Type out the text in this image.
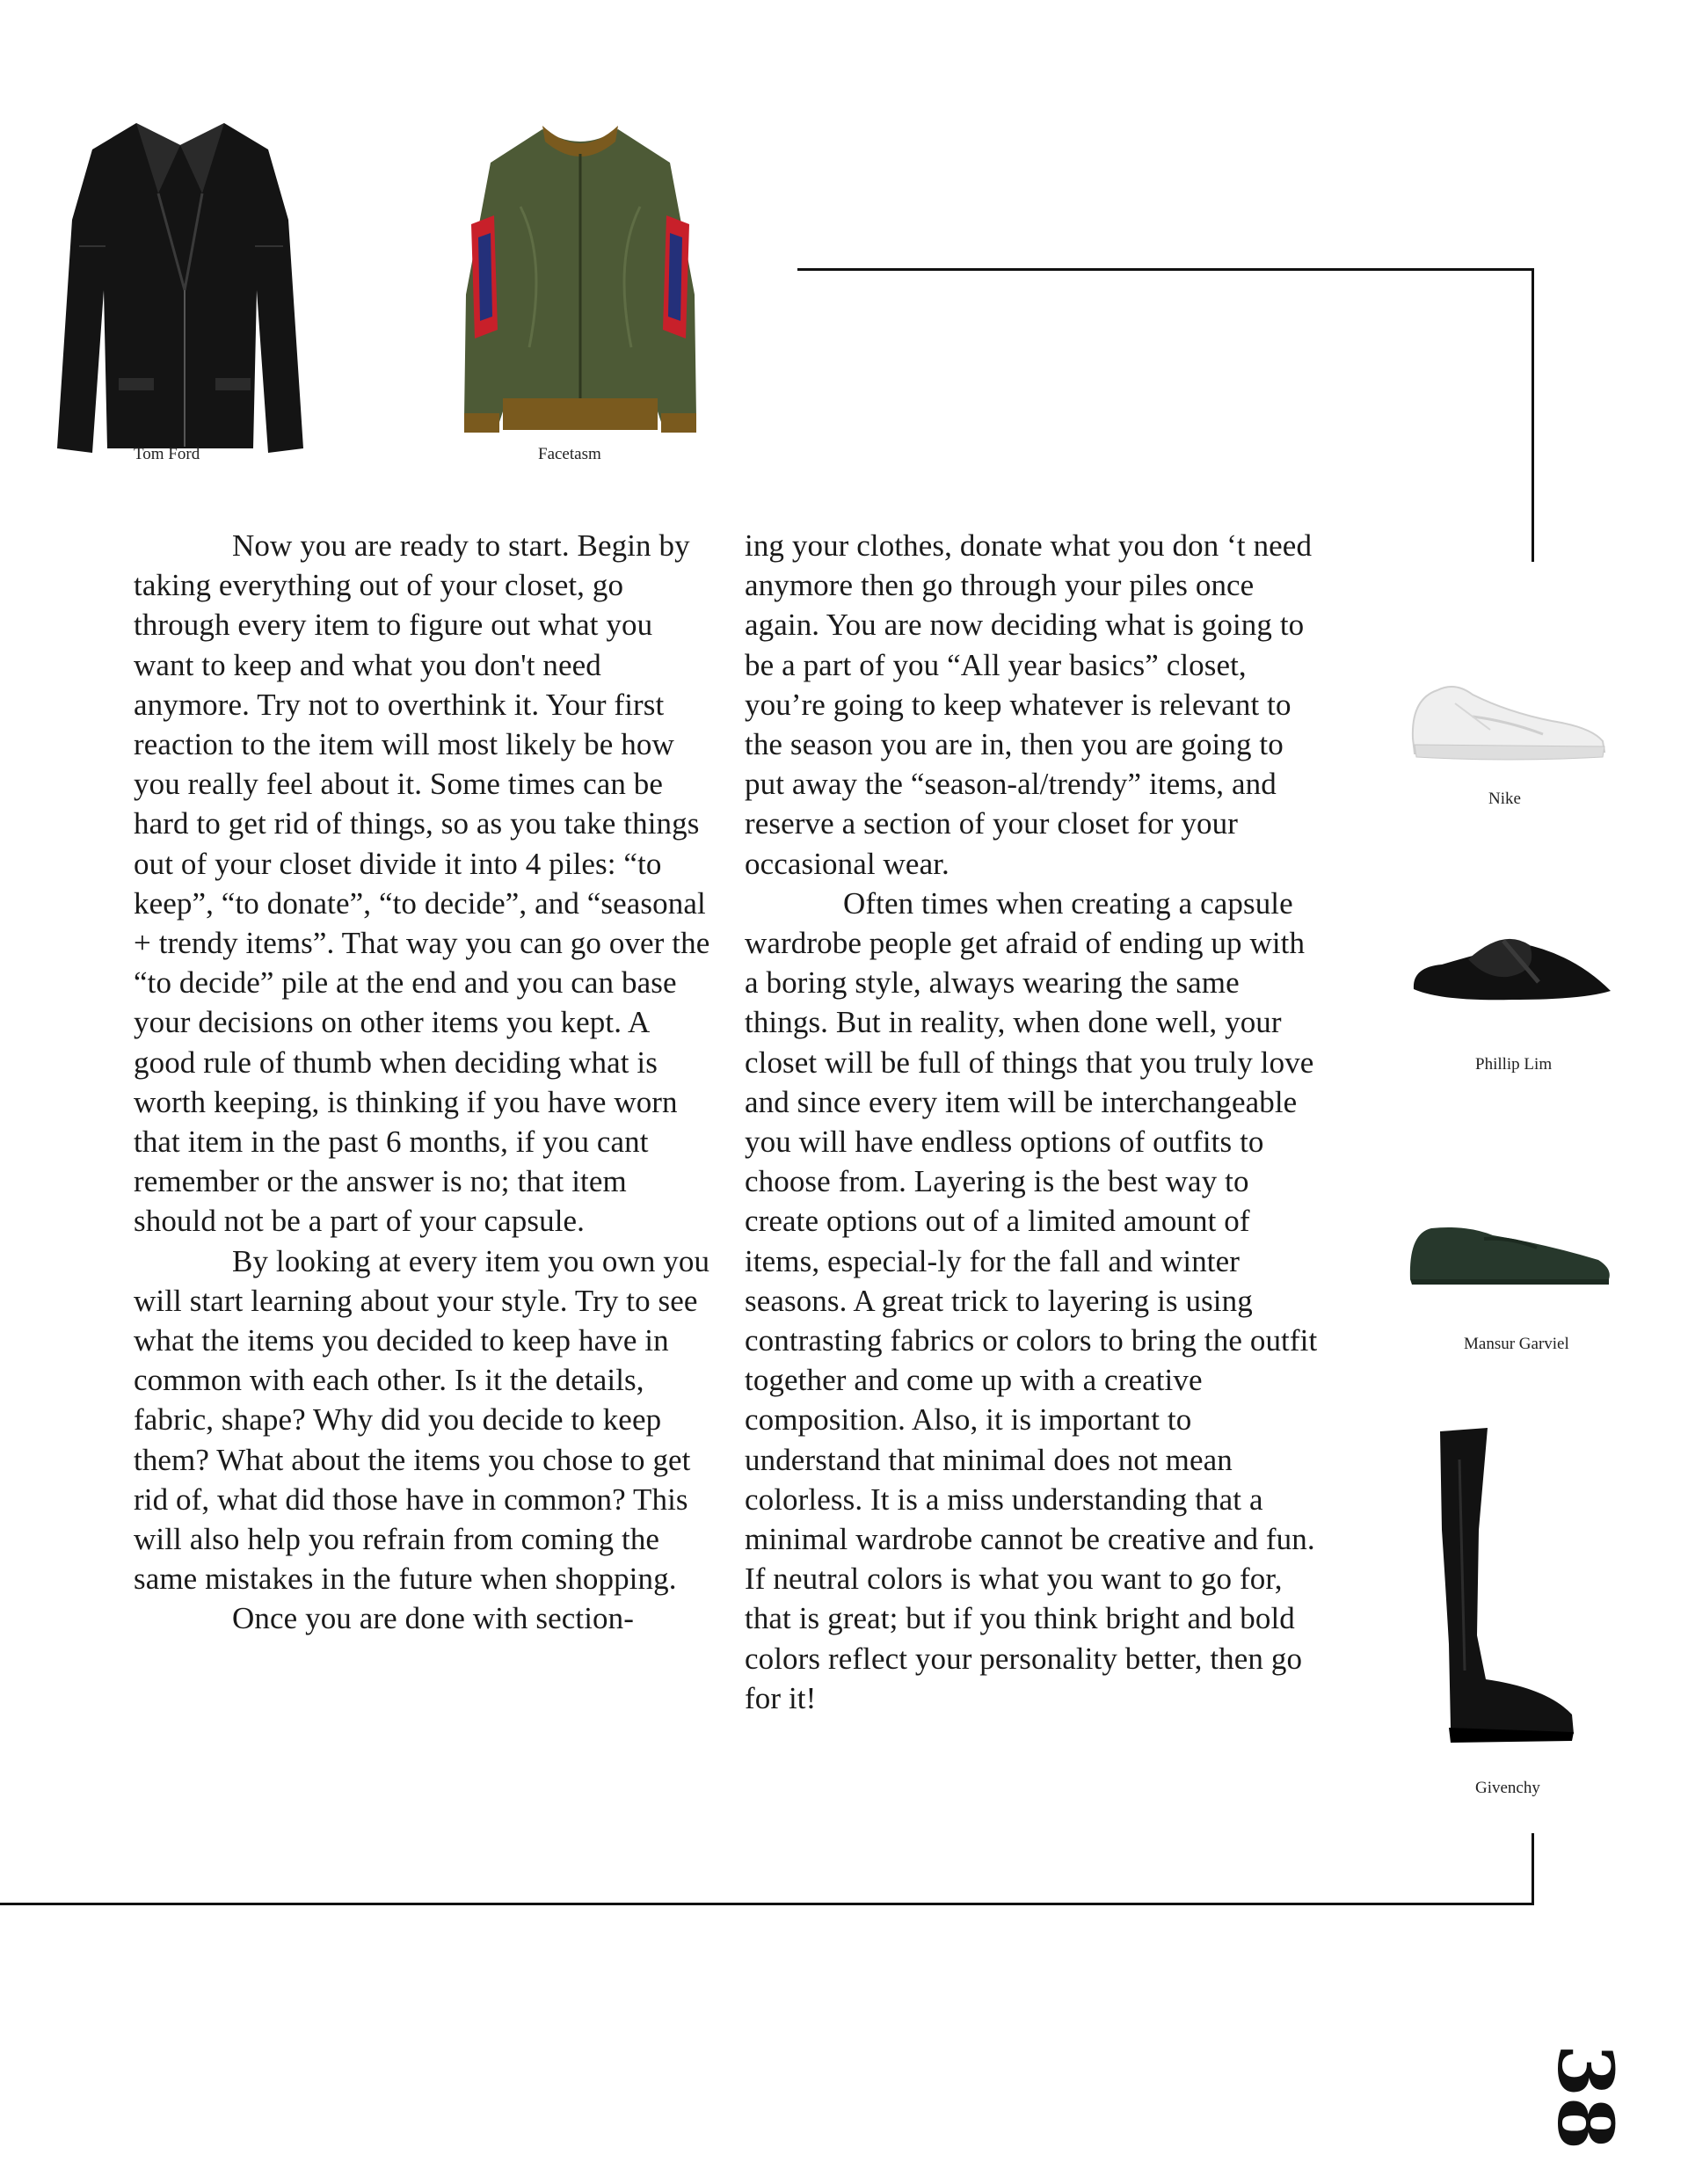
Tom Ford	Facetasm

Now you are ready to start. Begin by taking everything out of your closet, go through every item to figure out what you want to keep and what you don't need anymore. Try not to overthink it. Your first reaction to the item will most likely be how you really feel about it. Some times can be hard to get rid of things, so as you take things out of your closet divide it into 4 piles: “to keep”, “to donate”, “to decide”, and “seasonal + trendy items”. That way you can go over the “to decide” pile at the end and you can base your decisions on other items you kept. A good rule of thumb when deciding what is worth keeping, is thinking if you have worn that item in the past 6 months, if you cant remember or the answer is no; that item should not be a part of your capsule.

By looking at every item you own you will start learning about your style. Try to see what the items you decided to keep have in common with each other. Is it the details, fabric, shape? Why did you decide to keep them? What about the items you chose to get rid of, what did those have in common? This will also help you refrain from coming the same mistakes in the future when shopping.

Once you are done with section-

ing your clothes, donate what you don ‘t need anymore then go through your piles once again. You are now deciding what is going to be a part of you “All year basics” closet, you’re going to keep whatever is relevant to the season you are in, then you are going to put away the “season-al/trendy” items, and reserve a section of your closet for your occasional wear.

Often times when creating a capsule wardrobe people get afraid of ending up with a boring style, always wearing the same things. But in reality, when done well, your closet will be full of things that you truly love and since every item will be interchangeable you will have endless options of outfits to choose from. Layering is the best way to create options out of a limited amount of items, especial-ly for the fall and winter seasons. A great trick to layering is using contrasting fabrics or colors to bring the outfit together and come up with a creative composition. Also, it is important to understand that minimal does not mean colorless. It is a miss understanding that a minimal wardrobe cannot be creative and fun. If neutral colors is what you want to go for, that is great; but if you think bright and bold colors reflect your personality better, then go for it!

Nike
Phillip Lim
Mansur Garviel
Givenchy
38
